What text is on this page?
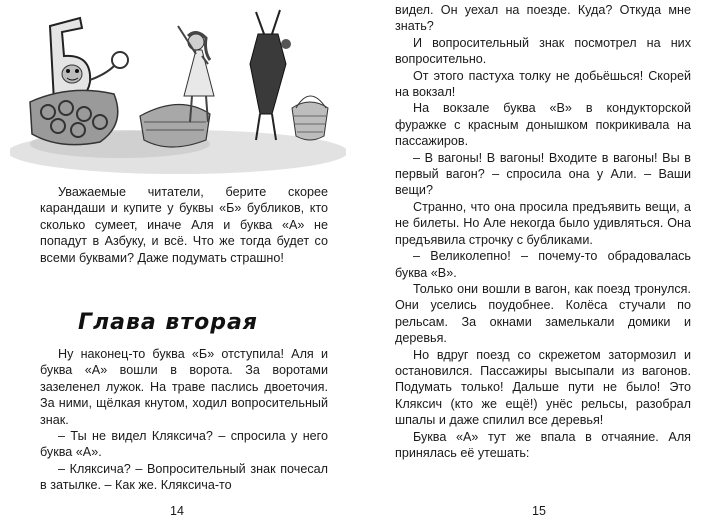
Уважаемые читатели, берите скорее карандаши и купите у буквы «Б» бубликов, кто сколько сумеет, иначе Аля и буква «А» не попадут в Азбуку, и всё. Что же тогда будет со всеми буквами? Даже подумать страшно!

Глава вторая

Ну наконец-то буква «Б» отступила! Аля и буква «А» вошли в ворота. За воротами зазеленел лужок. На траве паслись двоеточия. За ними, щёлкая кнутом, ходил вопросительный знак.

– Ты не видел Кляксича? – спросила у него буква «А».

– Кляксича? – Вопросительный знак почесал в затылке. – Как же. Кляксича-то

14

видел. Он уехал на поезде. Куда? Откуда мне знать?

И вопросительный знак посмотрел на них вопросительно.

От этого пастуха толку не добьёшься! Скорей на вокзал!

На вокзале буква «В» в кондукторской фуражке с красным донышком покрикивала на пассажиров.

– В вагоны! В вагоны! Входите в вагоны! Вы в первый вагон? – спросила она у Али. – Ваши вещи?

Странно, что она просила предъявить вещи, а не билеты. Но Але некогда было удивляться. Она предъявила строчку с бубликами.

– Великолепно! – почему-то обрадовалась буква «В».

Только они вошли в вагон, как поезд тронулся. Они уселись поудобнее. Колёса стучали по рельсам. За окнами замелькали домики и деревья.

Но вдруг поезд со скрежетом затормозил и остановился. Пассажиры высыпали из вагонов. Подумать только! Дальше пути не было! Это Кляксич (кто же ещё!) унёс рельсы, разобрал шпалы и даже спилил все деревья!

Буква «А» тут же впала в отчаяние. Аля принялась её утешать:

15
